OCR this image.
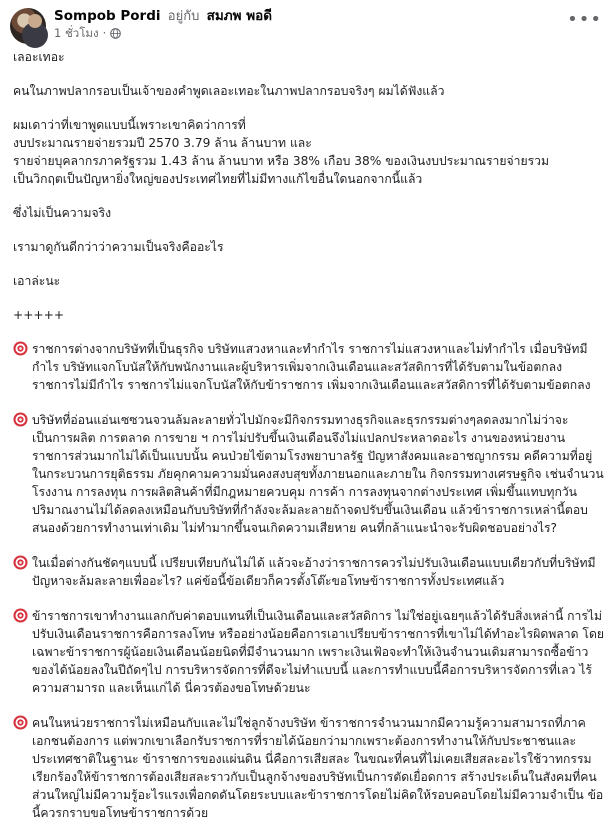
Sompob Pordi อยู่กับ สมภพ พอดี
1 ชั่วโมง ·
•••

เลอะเทอะ

คนในภาพปลากรอบเป็นเจ้าของคำพูดเลอะเทอะในภาพปลากรอบจริงๆ ผมได้ฟังแล้ว

ผมเดาว่าที่เขาพูดแบบนี้เพราะเขาคิดว่าการที่
งบประมาณรายจ่ายรวมปี 2570 3.79 ล้าน ล้านบาท และ
รายจ่ายบุคลากรภาครัฐรวม 1.43 ล้าน ล้านบาท หรือ 38% เกือบ 38% ของเงินงบประมาณรายจ่ายรวม
เป็นวิกฤตเป็นปัญหายิ่งใหญ่ของประเทศไทยที่ไม่มีทางแก้ไขอื่นใดนอกจากนี้แล้ว

ซึ่งไม่เป็นความจริง

เรามาดูกันดีกว่าว่าความเป็นจริงคืออะไร

เอาล่ะนะ

+++++

ราชการต่างจากบริษัทที่เป็นธุรกิจ บริษัทแสวงหาและทำกำไร ราชการไม่แสวงหาและไม่ทำกำไร เมื่อบริษัทมีกำไร บริษัทแจกโบนัสให้กับพนักงานและผู้บริหารเพิ่มจากเงินเดือนและสวัสดิการที่ได้รับตามในข้อตกลง ราชการไม่มีกำไร ราชการไม่แจกโบนัสให้กับข้าราชการ เพิ่มจากเงินเดือนและสวัสดิการที่ได้รับตามข้อตกลง
บริษัทที่อ่อนแอ่นเซซวนจวนล้มละลายทั่วไปมักจะมีกิจกรรมทางธุรกิจและธุรกรรมต่างๆลดลงมากไม่ว่าจะเป็นการผลิต การตลาด การขาย ฯ การไม่ปรับขึ้นเงินเดือนจึงไม่แปลกประหลาดอะไร งานของหน่วยงานราชการส่วนมากไม่ได้เป็นแบบนั้น คนป่วยไข้ตามโรงพยาบาลรัฐ ปัญหาสังคมและอาชญากรรม คดีความที่อยู่ในกระบวนการยุติธรรม ภัยคุกคามความมั่นคงสงบสุขทั้งภายนอกและภายใน กิจกรรมทางเศรษฐกิจ เช่นจำนวนโรงงาน การลงทุน การผลิตสินค้าที่มีกฎหมายควบคุม การค้า การลงทุนจากต่างประเทศ เพิ่มขึ้นแทบทุกวันปริมาณงานไม่ได้ลดลงเหมือนกับบริษัทที่กำลังจะล้มละลายถ้าจดปรับขึ้นเงินเดือน แล้วข้าราชการเหล่านี้ตอบสนองด้วยการทำงานเท่าเดิม ไม่ทำมากขึ้นจนเกิดความเสียหาย คนที่กล้าแนะนำจะรับผิดชอบอย่างไร?
ในเมื่อต่างกันชัดๆแบบนี้ เปรียบเทียบกันไม่ได้ แล้วจะอ้างว่าราชการควรไม่ปรับเงินเดือนแบบเดียวกับที่บริษัทมีปัญหาจะล้มละลายเพื่ออะไร? แค่ข้อนี้ข้อเดียวก็ควรตั้งโต๊ะขอโทษข้าราชการทั้งประเทศแล้ว
ข้าราชการเขาทำงานแลกกับค่าตอบแทนที่เป็นเงินเดือนและสวัสดิการ ไม่ใช่อยู่เฉยๆแล้วได้รับสิ่งเหล่านี้ การไม่ปรับเงินเดือนราชการคือการลงโทษ หรืออย่างน้อยคือการเอาเปรียบข้าราชการที่เขาไม่ได้ทำอะไรผิดพลาด โดยเฉพาะข้าราชการผู้น้อยเงินเดือนน้อยนิดที่มีจำนวนมาก เพราะเงินเฟ้อจะทำให้เงินจำนวนเดิมสามารถซื้อข้าวของได้น้อยลงในปีถัดๆไป การบริหารจัดการที่ดีจะไม่ทำแบบนี้ และการทำแบบนี้คือการบริหารจัดการที่เลว ไร้ความสามารถ และเห็นแก่ได้ นี่ควรต้องขอโทษด้วยนะ
คนในหน่วยราชการไม่เหมือนกับและไม่ใช่ลูกจ้างบริษัท ข้าราชการจำนวนมากมีความรู้ความสามารถที่ภาคเอกชนต้องการ แต่พวกเขาเลือกรับราชการที่รายได้น้อยกว่ามากเพราะต้องการทำงานให้กับประชาชนและประเทศชาติในฐานะ ข้าราชการของแผ่นดิน นี่คือการเสียสละ ในขณะที่คนที่ไม่เคยเสียสละอะไรใช้วาทกรรมเรียกร้องให้ข้าราชการต้องเสียสละราวกับเป็นลูกจ้างของบริษัทเป็นการตัดเยื่อดการ สร้างประเด็นในสังคมที่คนส่วนใหญ่ไม่มีความรู้อะไรแรงเพื่อกดดันโดยระบบและข้าราชการโดยไม่คิดให้รอบคอบโดยไม่มีความจำเป็น ข้อนี้ควรกราบขอโทษข้าราชการด้วย
